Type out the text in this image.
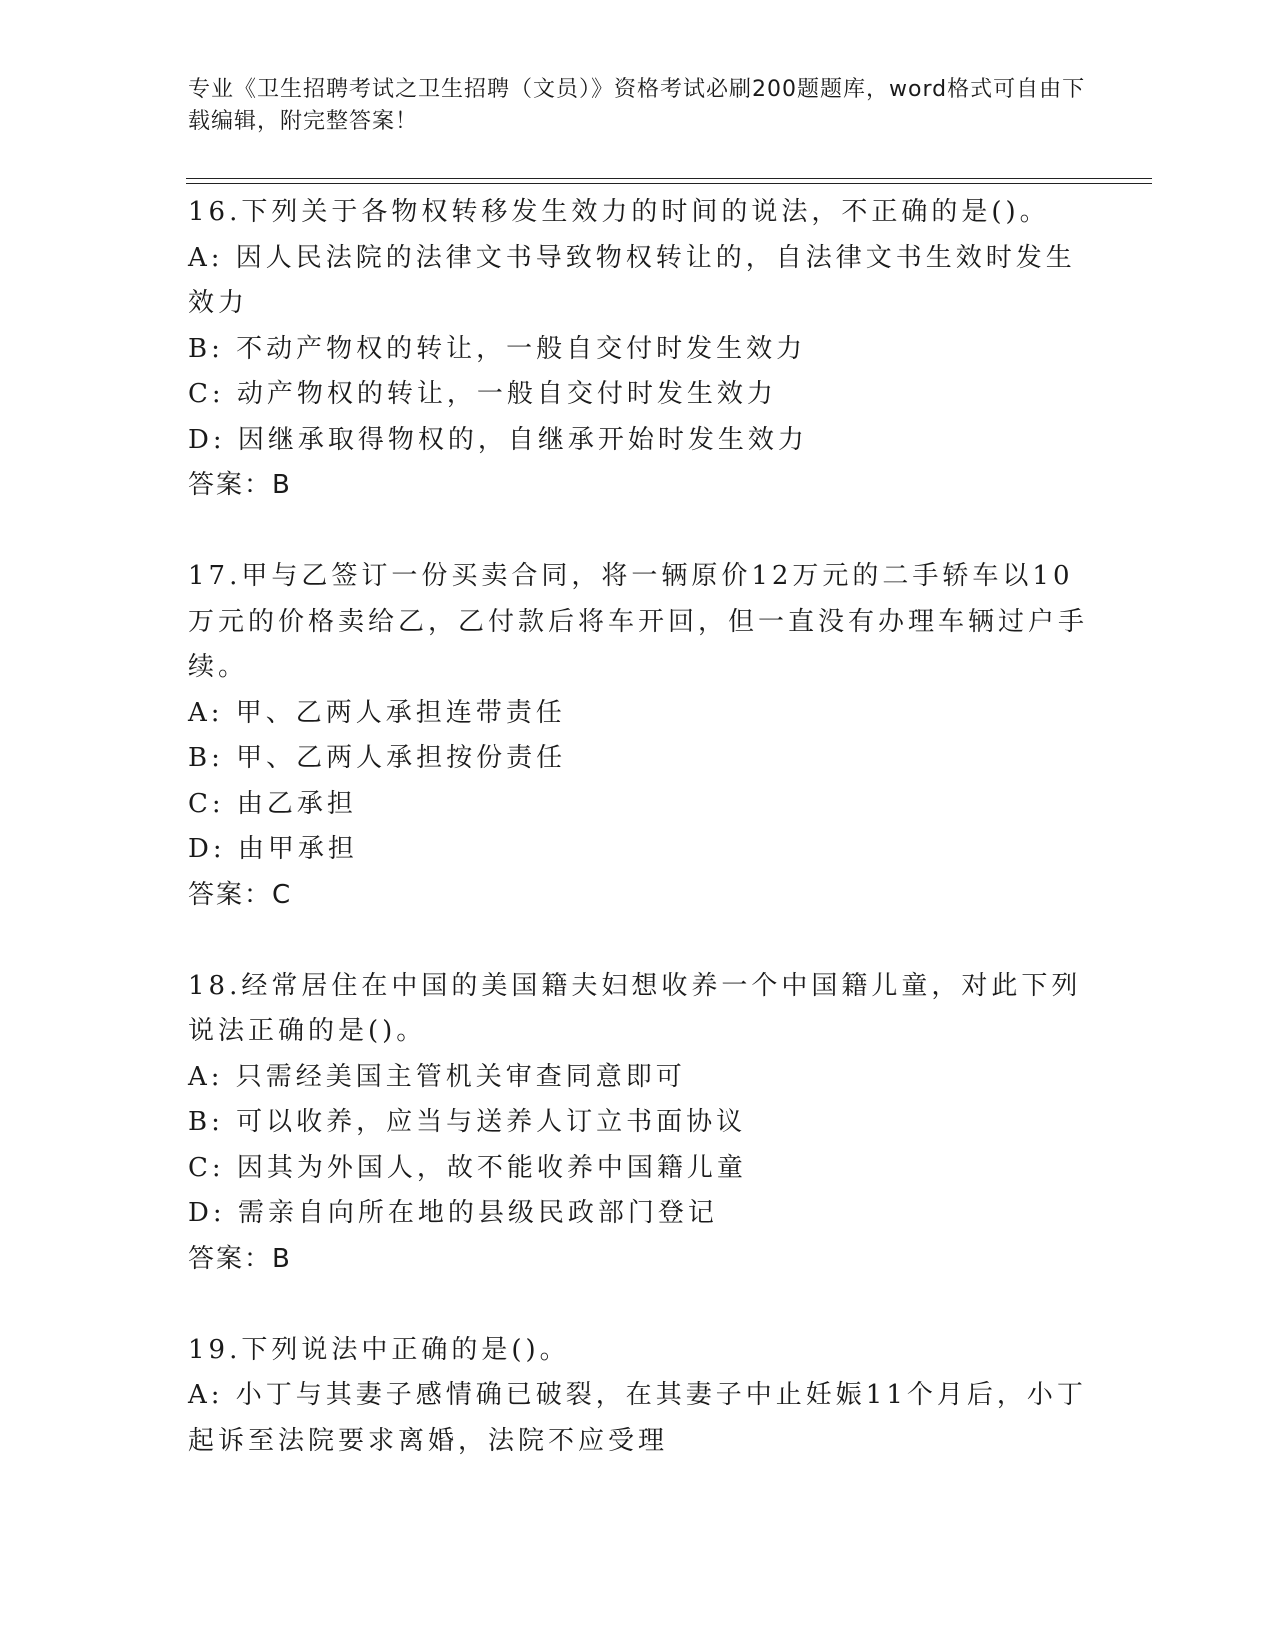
专业《卫生招聘考试之卫生招聘（文员）》资格考试必刷200题题库，word格式可自由下载编辑，附完整答案！

16.下列关于各物权转移发生效力的时间的说法，不正确的是()。

A: 因人民法院的法律文书导致物权转让的，自法律文书生效时发生效力

B: 不动产物权的转让，一般自交付时发生效力

C: 动产物权的转让，一般自交付时发生效力

D: 因继承取得物权的，自继承开始时发生效力

答案：B

17.甲与乙签订一份买卖合同，将一辆原价12万元的二手轿车以10万元的价格卖给乙，乙付款后将车开回，但一直没有办理车辆过户手续。

A: 甲、乙两人承担连带责任

B: 甲、乙两人承担按份责任

C: 由乙承担

D: 由甲承担

答案：C

18.经常居住在中国的美国籍夫妇想收养一个中国籍儿童，对此下列说法正确的是()。

A: 只需经美国主管机关审查同意即可

B: 可以收养，应当与送养人订立书面协议

C: 因其为外国人，故不能收养中国籍儿童

D: 需亲自向所在地的县级民政部门登记

答案：B

19.下列说法中正确的是()。

A: 小丁与其妻子感情确已破裂，在其妻子中止妊娠11个月后，小丁起诉至法院要求离婚，法院不应受理
